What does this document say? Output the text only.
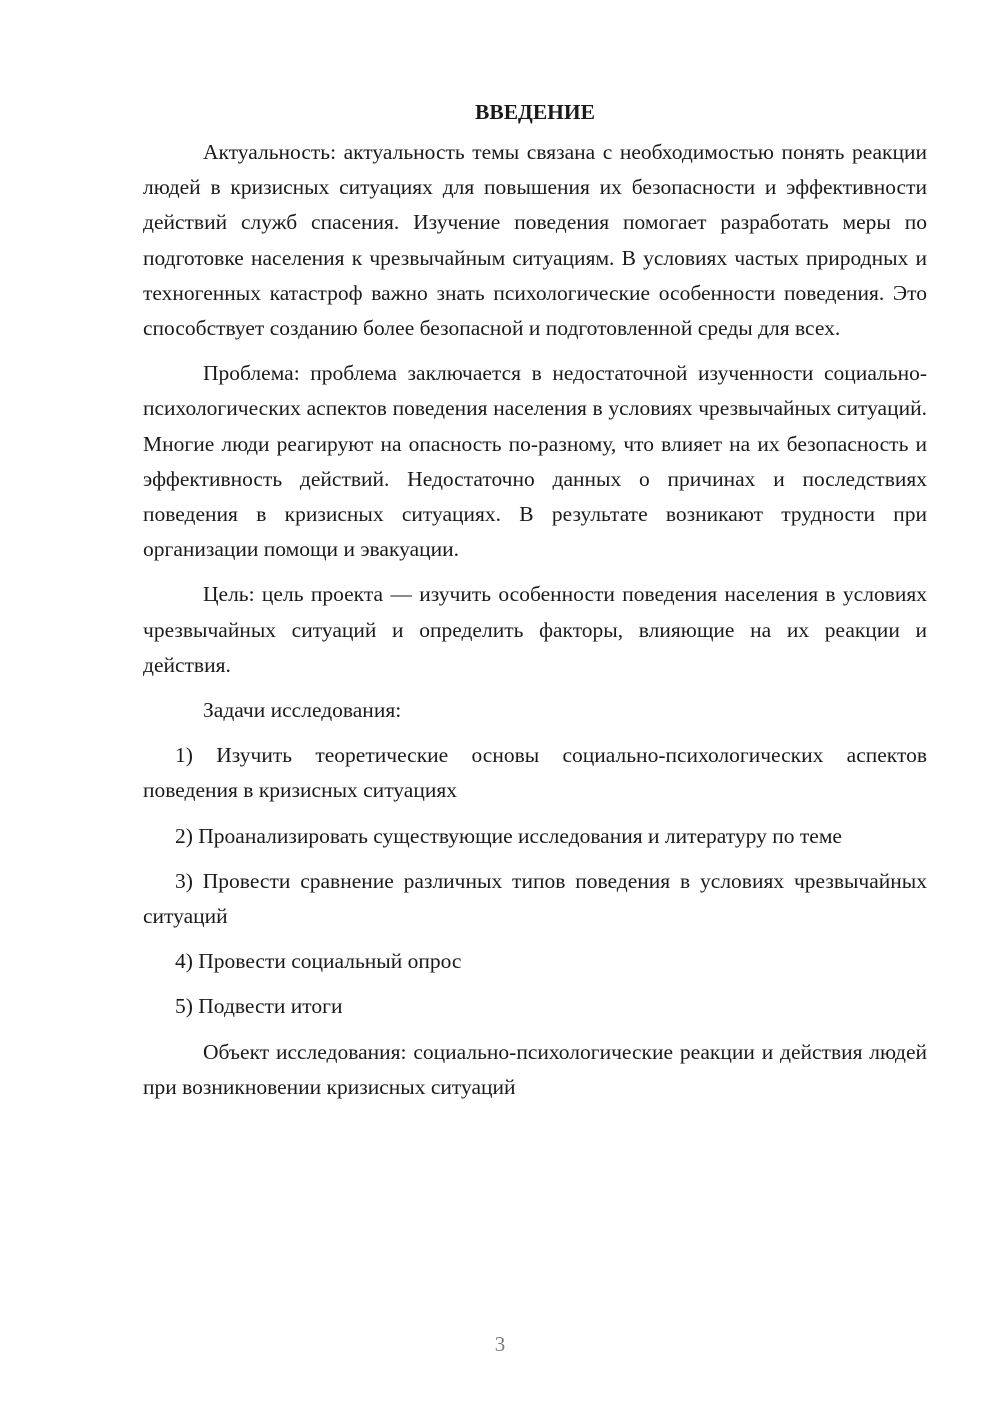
ВВЕДЕНИЕ

Актуальность: актуальность темы связана с необходимостью понять реакции людей в кризисных ситуациях для повышения их безопасности и эффективности действий служб спасения. Изучение поведения помогает разработать меры по подготовке населения к чрезвычайным ситуациям. В условиях частых природных и техногенных катастроф важно знать психологические особенности поведения. Это способствует созданию более безопасной и подготовленной среды для всех.

Проблема: проблема заключается в недостаточной изученности социально-психологических аспектов поведения населения в условиях чрезвычайных ситуаций. Многие люди реагируют на опасность по-разному, что влияет на их безопасность и эффективность действий. Недостаточно данных о причинах и последствиях поведения в кризисных ситуациях. В результате возникают трудности при организации помощи и эвакуации.

Цель: цель проекта — изучить особенности поведения населения в условиях чрезвычайных ситуаций и определить факторы, влияющие на их реакции и действия.

Задачи исследования:

1) Изучить теоретические основы социально-психологических аспектов поведения в кризисных ситуациях

2) Проанализировать существующие исследования и литературу по теме

3) Провести сравнение различных типов поведения в условиях чрезвычайных ситуаций

4) Провести социальный опрос

5) Подвести итоги

Объект исследования: социально-психологические реакции и действия людей при возникновении кризисных ситуаций

3
